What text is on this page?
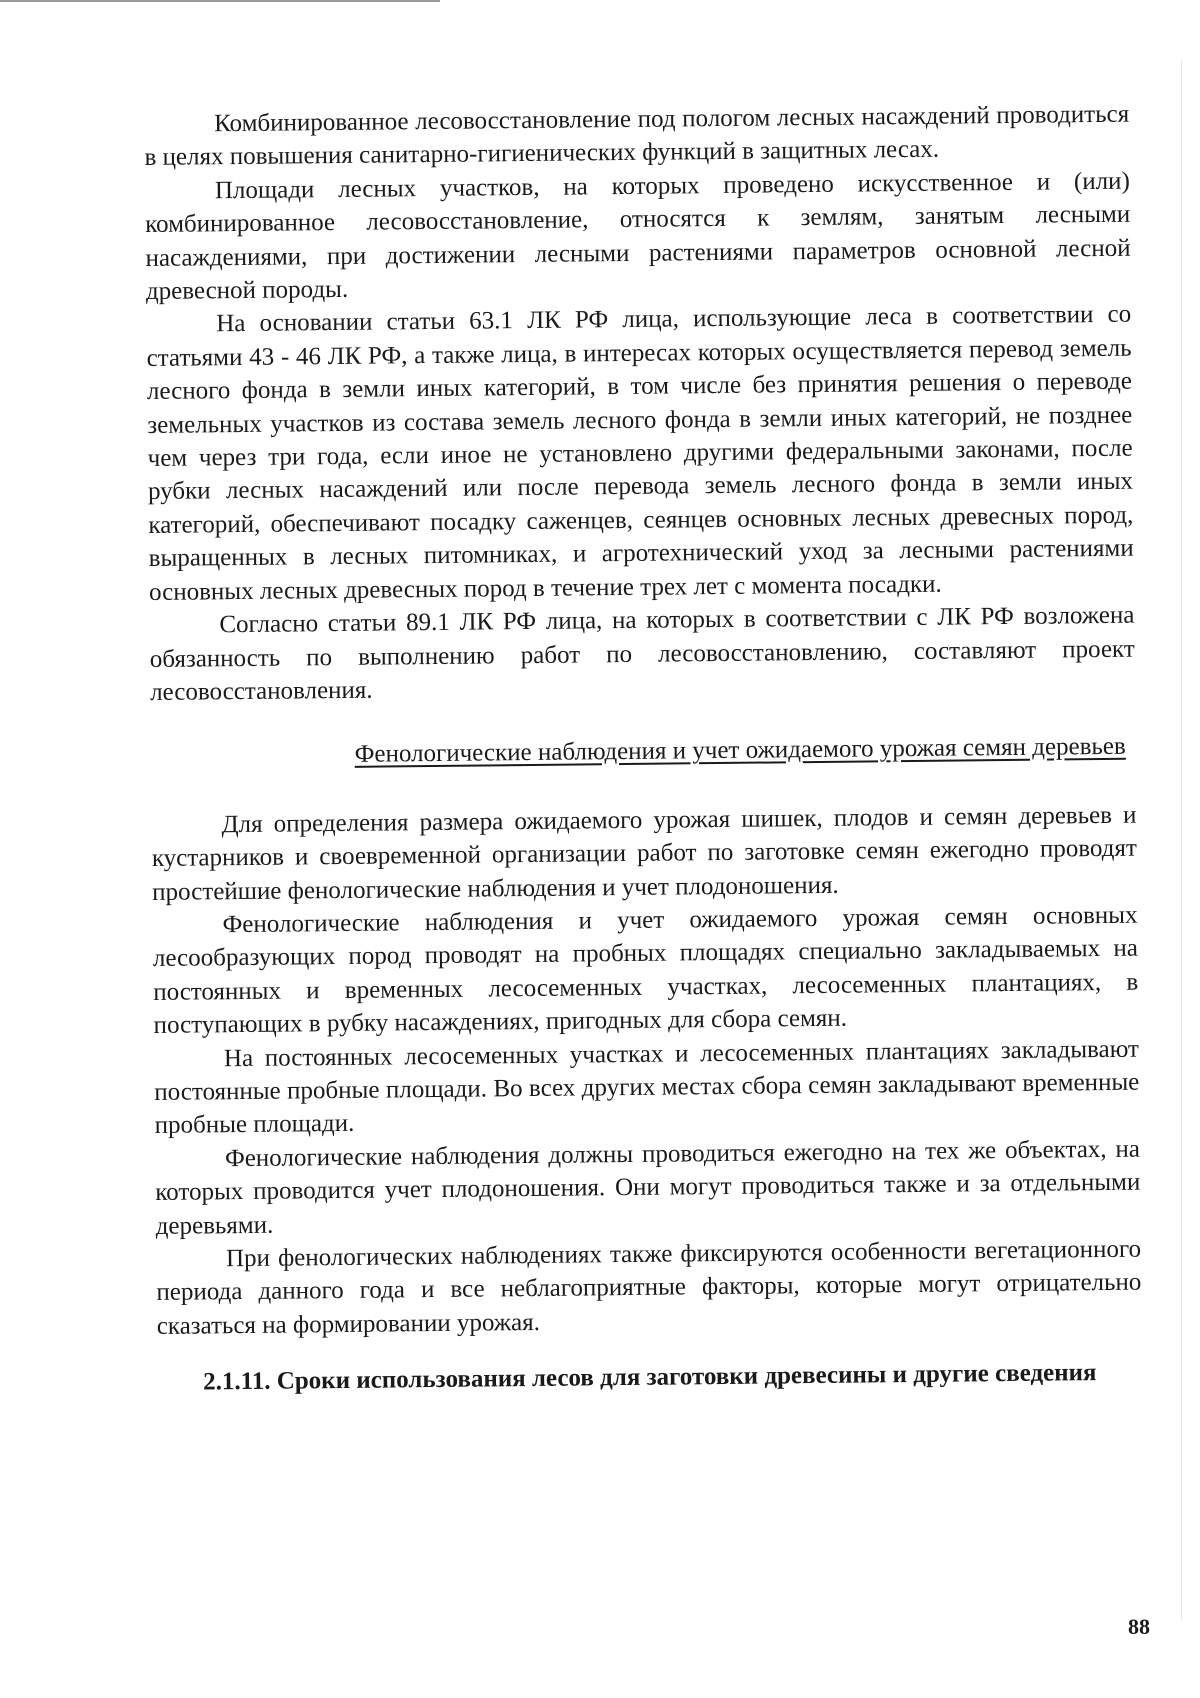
Комбинированное лесовосстановление под пологом лесных насаждений проводиться в целях повышения санитарно-гигиенических функций в защитных лесах.

Площади лесных участков, на которых проведено искусственное и (или) комбинированное лесовосстановление, относятся к землям, занятым лесными насаждениями, при достижении лесными растениями параметров основной лесной древесной породы.

На основании статьи 63.1 ЛК РФ лица, использующие леса в соответствии со статьями 43 - 46 ЛК РФ, а также лица, в интересах которых осуществляется перевод земель лесного фонда в земли иных категорий, в том числе без принятия решения о переводе земельных участков из состава земель лесного фонда в земли иных категорий, не позднее чем через три года, если иное не установлено другими федеральными законами, после рубки лесных насаждений или после перевода земель лесного фонда в земли иных категорий, обеспечивают посадку саженцев, сеянцев основных лесных древесных пород, выращенных в лесных питомниках, и агротехнический уход за лесными растениями основных лесных древесных пород в течение трех лет с момента посадки.

Согласно статьи 89.1 ЛК РФ лица, на которых в соответствии с ЛК РФ возложена обязанность по выполнению работ по лесовосстановлению, составляют проект лесовосстановления.

Фенологические наблюдения и учет ожидаемого урожая семян деревьев

Для определения размера ожидаемого урожая шишек, плодов и семян деревьев и кустарников и своевременной организации работ по заготовке семян ежегодно проводят простейшие фенологические наблюдения и учет плодоношения.

Фенологические наблюдения и учет ожидаемого урожая семян основных лесообразующих пород проводят на пробных площадях специально закладываемых на постоянных и временных лесосеменных участках, лесосеменных плантациях, в поступающих в рубку насаждениях, пригодных для сбора семян.

На постоянных лесосеменных участках и лесосеменных плантациях закладывают постоянные пробные площади. Во всех других местах сбора семян закладывают временные пробные площади.

Фенологические наблюдения должны проводиться ежегодно на тех же объектах, на которых проводится учет плодоношения. Они могут проводиться также и за отдельными деревьями.

При фенологических наблюдениях также фиксируются особенности вегетационного периода данного года и все неблагоприятные факторы, которые могут отрицательно сказаться на формировании урожая.

2.1.11. Сроки использования лесов для заготовки древесины и другие сведения

88
